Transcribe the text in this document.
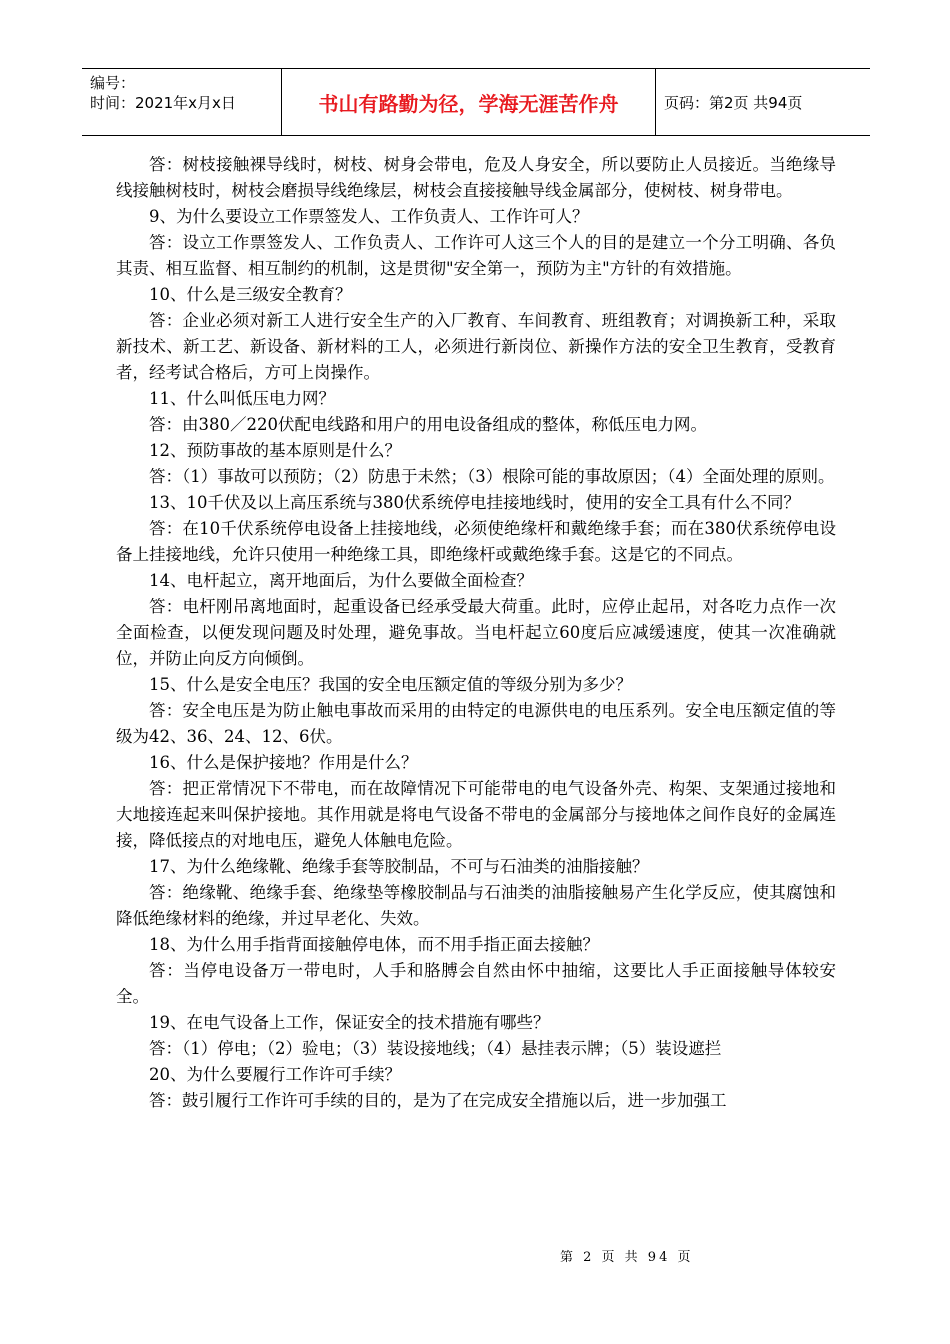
编号：
时间：2021年x月x日	书山有路勤为径，学海无涯苦作舟	页码：第2页 共94页

答：树枝接触裸导线时，树枝、树身会带电，危及人身安全，所以要防止人员接近。当绝缘导线接触树枝时，树枝会磨损导线绝缘层，树枝会直接接触导线金属部分，使树枝、树身带电。

9、为什么要设立工作票签发人、工作负责人、工作许可人？

答：设立工作票签发人、工作负责人、工作许可人这三个人的目的是建立一个分工明确、各负其责、相互监督、相互制约的机制，这是贯彻"安全第一，预防为主"方针的有效措施。

10、什么是三级安全教育？

答：企业必须对新工人进行安全生产的入厂教育、车间教育、班组教育；对调换新工种，采取新技术、新工艺、新设备、新材料的工人，必须进行新岗位、新操作方法的安全卫生教育，受教育者，经考试合格后，方可上岗操作。

11、什么叫低压电力网？

答：由380／220伏配电线路和用户的用电设备组成的整体，称低压电力网。

12、预防事故的基本原则是什么？

答：（1）事故可以预防；（2）防患于未然；（3）根除可能的事故原因；（4）全面处理的原则。

13、10千伏及以上高压系统与380伏系统停电挂接地线时，使用的安全工具有什么不同？

答：在10千伏系统停电设备上挂接地线，必须使绝缘杆和戴绝缘手套；而在380伏系统停电设备上挂接地线，允许只使用一种绝缘工具，即绝缘杆或戴绝缘手套。这是它的不同点。

14、电杆起立，离开地面后，为什么要做全面检查？

答：电杆刚吊离地面时，起重设备已经承受最大荷重。此时，应停止起吊，对各吃力点作一次全面检查，以便发现问题及时处理，避免事故。当电杆起立60度后应减缓速度，使其一次准确就位，并防止向反方向倾倒。

15、什么是安全电压？我国的安全电压额定值的等级分别为多少？

答：安全电压是为防止触电事故而采用的由特定的电源供电的电压系列。安全电压额定值的等级为42、36、24、12、6伏。

16、什么是保护接地？作用是什么？

答：把正常情况下不带电，而在故障情况下可能带电的电气设备外壳、构架、支架通过接地和大地接连起来叫保护接地。其作用就是将电气设备不带电的金属部分与接地体之间作良好的金属连接，降低接点的对地电压，避免人体触电危险。

17、为什么绝缘靴、绝缘手套等胶制品，不可与石油类的油脂接触？

答：绝缘靴、绝缘手套、绝缘垫等橡胶制品与石油类的油脂接触易产生化学反应，使其腐蚀和降低绝缘材料的绝缘，并过早老化、失效。

18、为什么用手指背面接触停电体，而不用手指正面去接触？

答：当停电设备万一带电时，人手和胳膊会自然由怀中抽缩，这要比人手正面接触导体较安全。

19、在电气设备上工作，保证安全的技术措施有哪些？

答：（1）停电；（2）验电；（3）装设接地线；（4）悬挂表示牌；（5）装设遮拦

20、为什么要履行工作许可手续？

答：鼓引履行工作许可手续的目的，是为了在完成安全措施以后，进一步加强工

第 2 页 共 94 页
